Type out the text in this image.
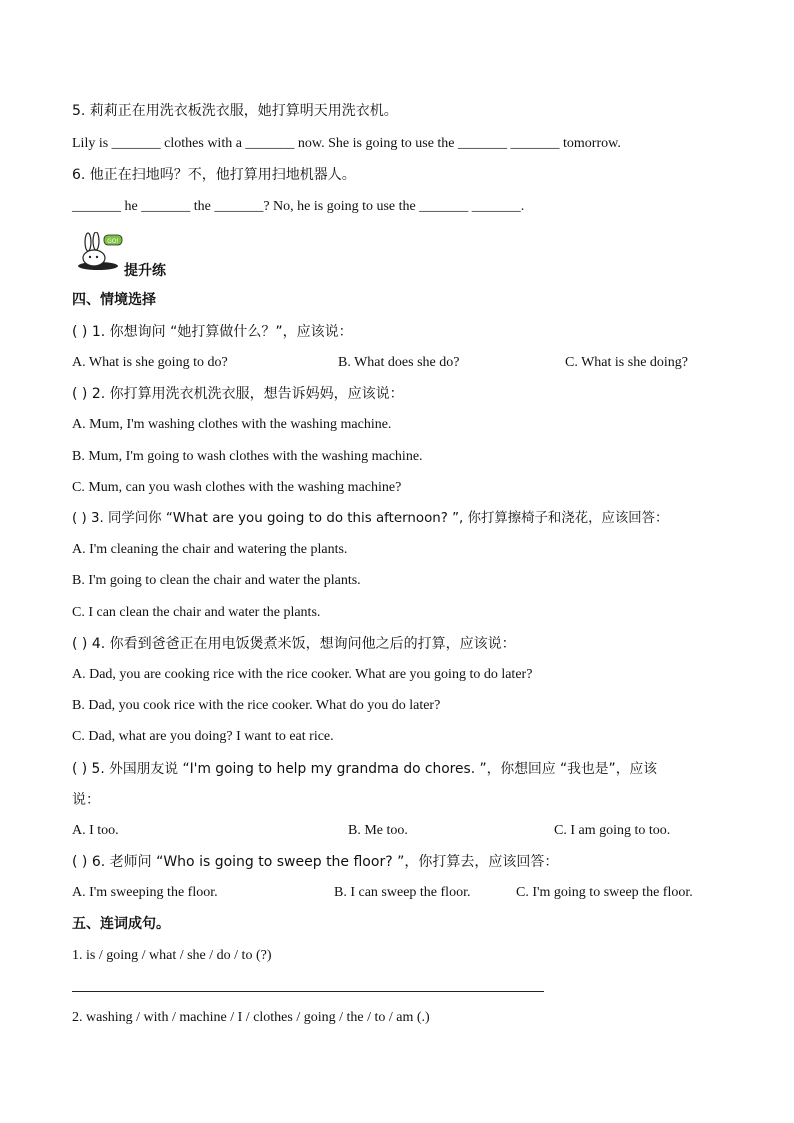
5. 莉莉正在用洗衣板洗衣服，她打算明天用洗衣机。
Lily is _______ clothes with a _______ now. She is going to use the _______ _______ tomorrow.
6. 他正在扫地吗？不，他打算用扫地机器人。
_______ he _______ the _______? No, he is going to use the _______ _______.
GO!
提升练
四、情境选择
( ) 1. 你想询问 “她打算做什么？”，应该说：
A. What is she going to do?	B. What does she do?	C. What is she doing?
( ) 2. 你打算用洗衣机洗衣服，想告诉妈妈，应该说：
A. Mum, I'm washing clothes with the washing machine.
B. Mum, I'm going to wash clothes with the washing machine.
C. Mum, can you wash clothes with the washing machine?
( ) 3. 同学问你 “What are you going to do this afternoon? ”, 你打算擦椅子和浇花，应该回答：
A. I'm cleaning the chair and watering the plants.
B. I'm going to clean the chair and water the plants.
C. I can clean the chair and water the plants.
( ) 4. 你看到爸爸正在用电饭煲煮米饭，想询问他之后的打算，应该说：
A. Dad, you are cooking rice with the rice cooker. What are you going to do later?
B. Dad, you cook rice with the rice cooker. What do you do later?
C. Dad, what are you doing? I want to eat rice.
( ) 5. 外国朋友说 “I'm going to help my grandma do chores. ”，你想回应 “我也是”，应该
说：
A. I too.	B. Me too.	C. I am going to too.
( ) 6. 老师问 “Who is going to sweep the floor? ”，你打算去，应该回答：
A. I'm sweeping the floor.	B. I can sweep the floor.	C. I'm going to sweep the floor.
五、连词成句。
1. is / going / what / she / do / to (?)
2. washing / with / machine / I / clothes / going / the / to / am (.)
